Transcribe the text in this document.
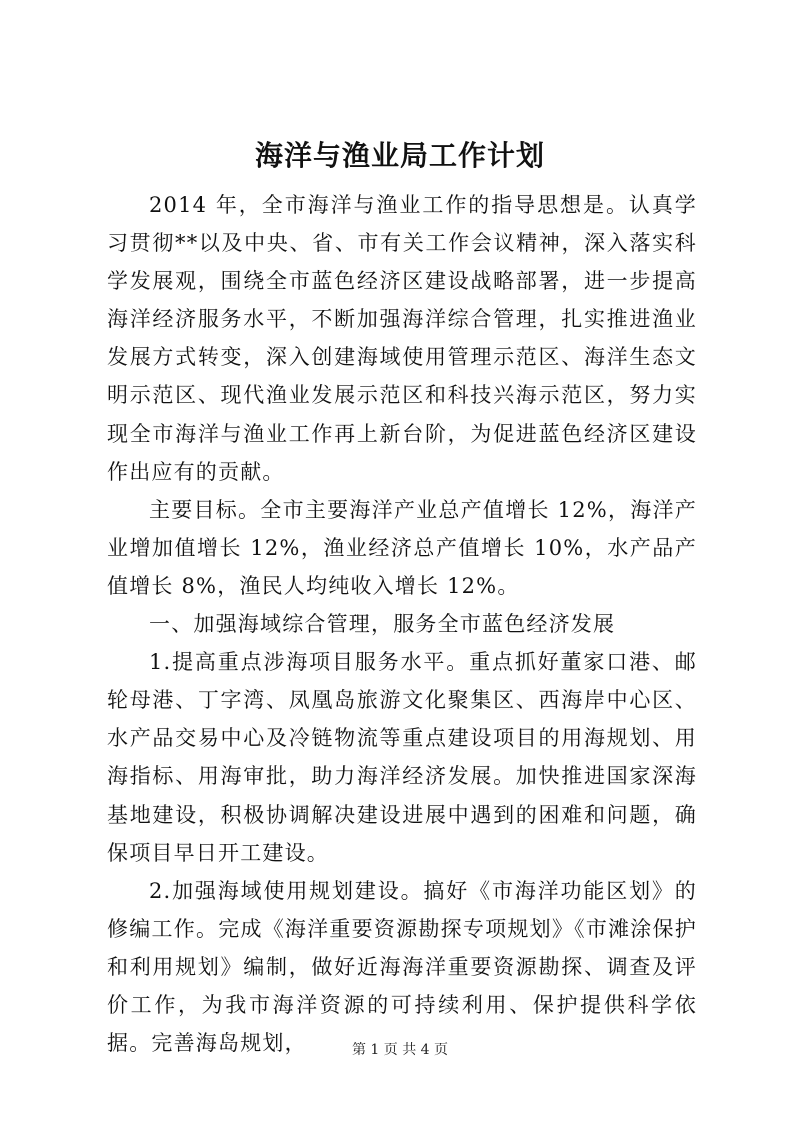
海洋与渔业局工作计划

2014 年，全市海洋与渔业工作的指导思想是。认真学习贯彻**以及中央、省、市有关工作会议精神，深入落实科学发展观，围绕全市蓝色经济区建设战略部署，进一步提高海洋经济服务水平，不断加强海洋综合管理，扎实推进渔业发展方式转变，深入创建海域使用管理示范区、海洋生态文明示范区、现代渔业发展示范区和科技兴海示范区，努力实现全市海洋与渔业工作再上新台阶，为促进蓝色经济区建设作出应有的贡献。

主要目标。全市主要海洋产业总产值增长 12%，海洋产业增加值增长 12%，渔业经济总产值增长 10%，水产品产值增长 8%，渔民人均纯收入增长 12%。

一、加强海域综合管理，服务全市蓝色经济发展

1.提高重点涉海项目服务水平。重点抓好董家口港、邮轮母港、丁字湾、凤凰岛旅游文化聚集区、西海岸中心区、水产品交易中心及冷链物流等重点建设项目的用海规划、用海指标、用海审批，助力海洋经济发展。加快推进国家深海基地建设，积极协调解决建设进展中遇到的困难和问题，确保项目早日开工建设。

2.加强海域使用规划建设。搞好《市海洋功能区划》的修编工作。完成《海洋重要资源勘探专项规划》《市滩涂保护和利用规划》编制，做好近海海洋重要资源勘探、调查及评价工作，为我市海洋资源的可持续利用、保护提供科学依据。完善海岛规划，	第 1 页 共 4 页
